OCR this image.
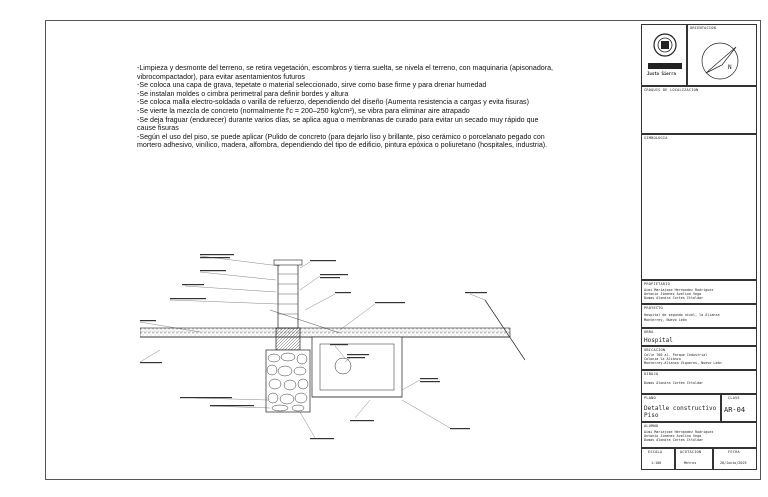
-Limpieza y desmonte del terreno, se retira vegetación, escombros y tierra suelta, se nivela el terreno, con maquinaria (apisonadora, vibrocompactador), para evitar asentamientos futuros

-Se coloca una capa de grava, tepetate o material seleccionado, sirve como base firme y para drenar humedad

-Se instalan moldes o cimbra perimetral para definir bordes y altura

-Se coloca malla electro-soldada o varilla de refuerzo, dependiendo del diseño (Aumenta resistencia a cargas y evita fisuras)

-Se vierte la mezcla de concreto (normalmente f'c = 200–250 kg/cm²), se vibra para eliminar aire atrapado

-Se deja fraguar (endurecer) durante varios días, se aplica agua o membranas de curado para evitar un secado muy rápido que cause fisuras

-Según el uso del piso, se puede aplicar (Pulido de concreto (para dejarlo liso y brillante, piso cerámico o porcelanato pegado con mortero adhesivo, vinílico, madera, alfombra, dependiendo del tipo de edificio, pintura epóxica o poliuretano (hospitales, industria).

Justo Sierra
ORIENTACION
N
CROQUIS DE LOCALIZACION
SIMBOLOGIA
PROPIETARIO
Aimi Mariajose Hernandez Rodriguez
Antonio Jimenez Avelino Vega
Dumas Alondra Cortes Ittoldar
PROYECTO
Hospital de segundo nivel, la Alianza
Monterrey, Nuevo León
OBRA
Hospital
UBICACION
Calle 700 al. Parque Industrial
Colonia la Alianza
Monterrey-Alianza Vigueros, Nuevo León
DIBUJO
Dumas Alondra Cortes Ittoldar
PLANO
Detalle constructivo
Piso
CLAVE
AR-04
ALUMNO
Aimi Mariajose Hernandez Rodriguez
Antonio Jimenez Avelino Vega
Dumas Alondra Cortes Ittoldar
ESCALA
1:100
ACOTACION
Metros
FECHA
28/Junio/2025
